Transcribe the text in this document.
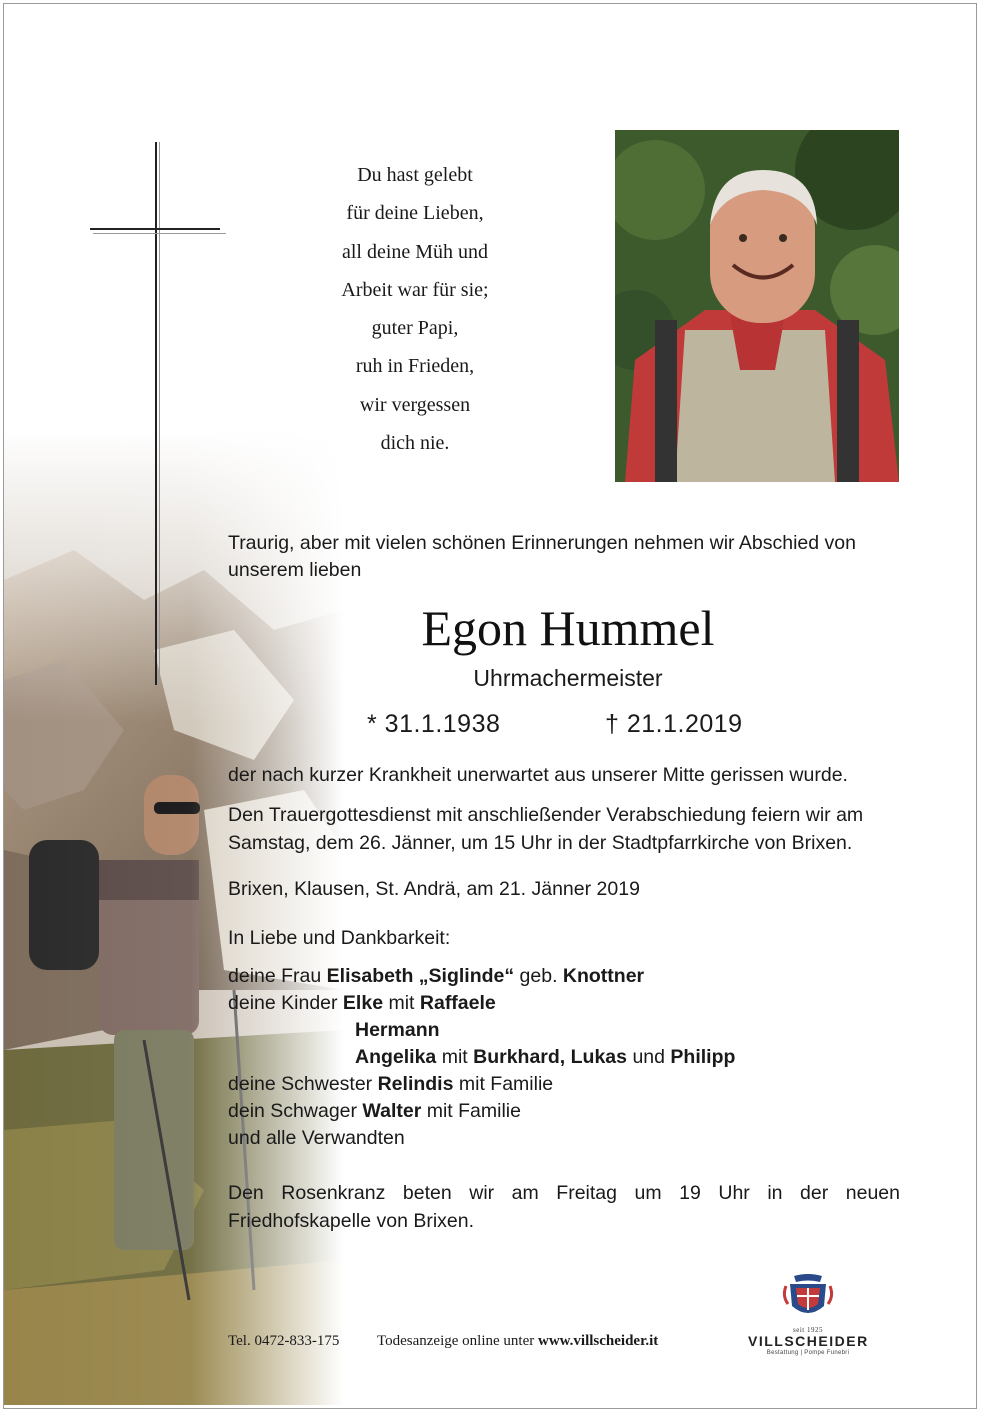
Du hast gelebt
für deine Lieben,
all deine Müh und
Arbeit war für sie;
guter Papi,
ruh in Frieden,
wir vergessen
dich nie.
Traurig, aber mit vielen schönen Erinnerungen nehmen wir Abschied von unserem lieben
Egon Hummel
Uhrmachermeister
* 31.1.1938	† 21.1.2019
der nach kurzer Krankheit unerwartet aus unserer Mitte gerissen wurde.
Den Trauergottesdienst mit anschließender Verabschiedung feiern wir am Samstag, dem 26. Jänner, um 15 Uhr in der Stadtpfarrkirche von Brixen.
Brixen, Klausen, St. Andrä, am 21. Jänner 2019
In Liebe und Dankbarkeit:
deine Frau Elisabeth „Siglinde“ geb. Knottner
deine Kinder Elke mit Raffaele
Hermann
Angelika mit Burkhard, Lukas und Philipp
deine Schwester Relindis mit Familie
dein Schwager Walter mit Familie
und alle Verwandten
Den Rosenkranz beten wir am Freitag um 19 Uhr in der neuen Friedhofskapelle von Brixen.
Tel. 0472-833-175	Todesanzeige online unter www.villscheider.it
seit 1925
VILLSCHEIDER
Bestattung | Pompe Funebri
